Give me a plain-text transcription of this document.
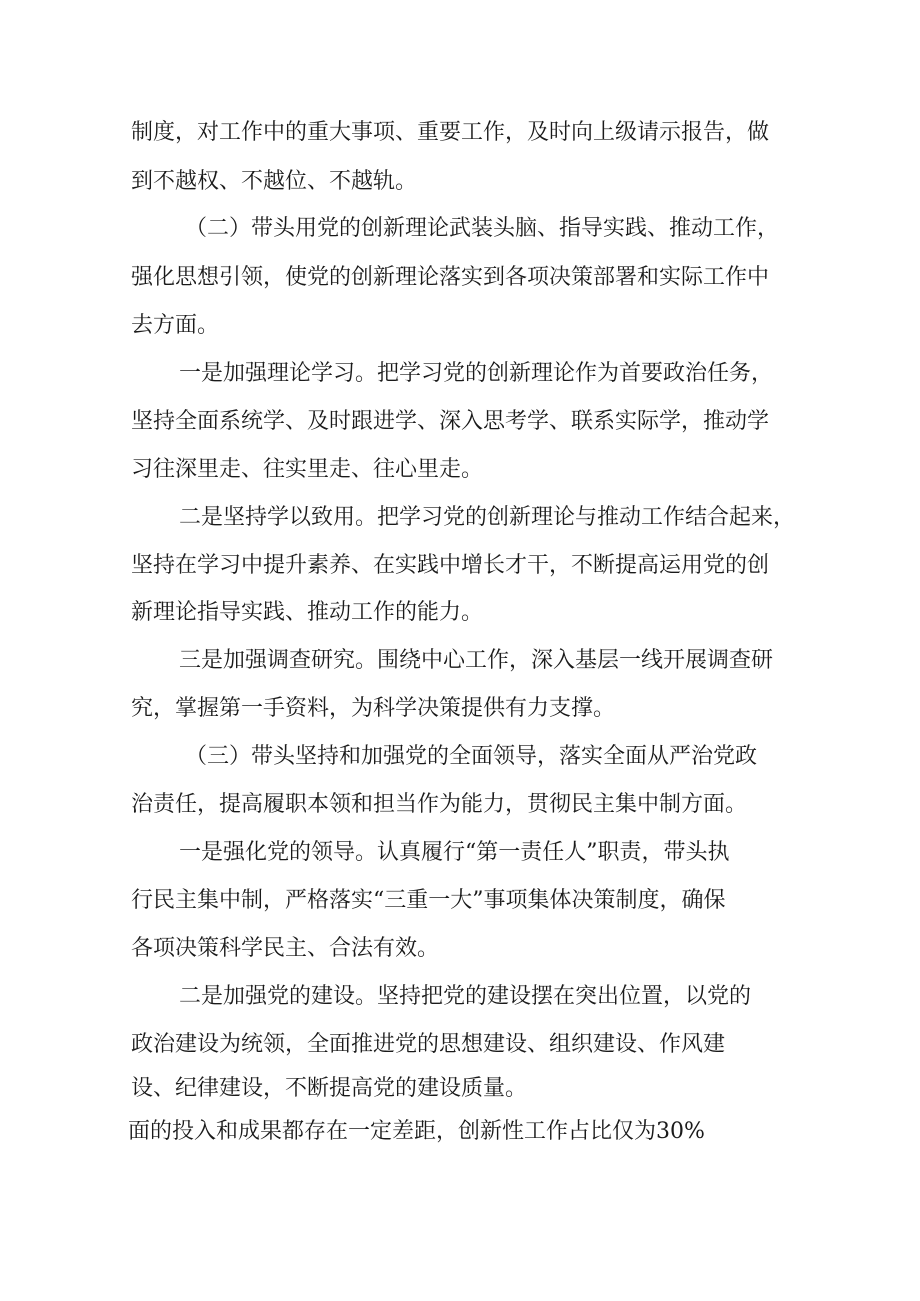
制度，对工作中的重大事项、重要工作，及时向上级请示报告，做
到不越权、不越位、不越轨。
（二）带头用党的创新理论武装头脑、指导实践、推动工作，
强化思想引领，使党的创新理论落实到各项决策部署和实际工作中
去方面。
一是加强理论学习。把学习党的创新理论作为首要政治任务，
坚持全面系统学、及时跟进学、深入思考学、联系实际学，推动学
习往深里走、往实里走、往心里走。
二是坚持学以致用。把学习党的创新理论与推动工作结合起来，
坚持在学习中提升素养、在实践中增长才干，不断提高运用党的创
新理论指导实践、推动工作的能力。
三是加强调查研究。围绕中心工作，深入基层一线开展调查研
究，掌握第一手资料，为科学决策提供有力支撑。
（三）带头坚持和加强党的全面领导，落实全面从严治党政
治责任，提高履职本领和担当作为能力，贯彻民主集中制方面。
一是强化党的领导。认真履行“第一责任人”职责，带头执
行民主集中制，严格落实“三重一大”事项集体决策制度，确保
各项决策科学民主、合法有效。
二是加强党的建设。坚持把党的建设摆在突出位置，以党的
政治建设为统领，全面推进党的思想建设、组织建设、作风建
设、纪律建设，不断提高党的建设质量。
面的投入和成果都存在一定差距，创新性工作占比仅为30%
